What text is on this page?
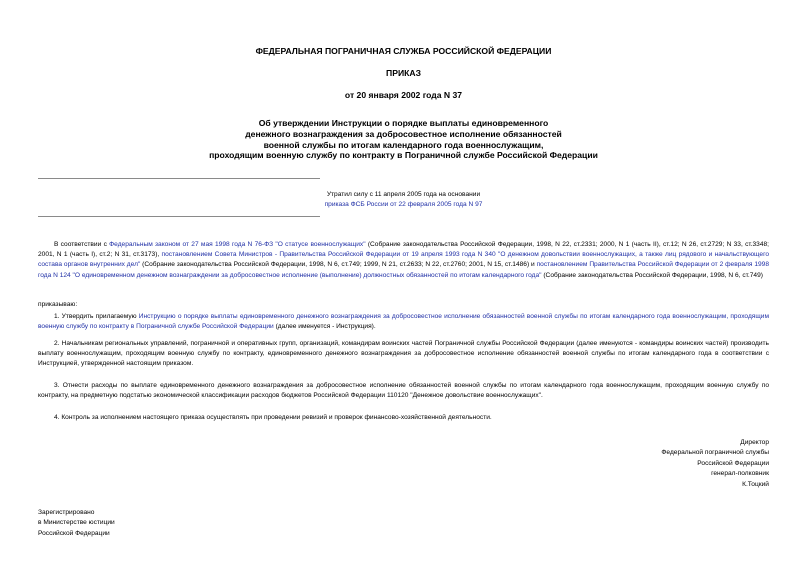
ФЕДЕРАЛЬНАЯ ПОГРАНИЧНАЯ СЛУЖБА РОССИЙСКОЙ ФЕДЕРАЦИИ
ПРИКАЗ
от 20 января 2002 года N 37
Об утверждении Инструкции о порядке выплаты единовременного
денежного вознаграждения за добросовестное исполнение обязанностей
военной службы по итогам календарного года военнослужащим,
проходящим военную службу по контракту в Пограничной службе Российской Федерации
Утратил силу с 11 апреля 2005 года на основании
приказа ФСБ России от 22 февраля 2005 года N 97
В соответствии с Федеральным законом от 27 мая 1998 года N 76-ФЗ "О статусе военнослужащих" (Собрание законодательства Российской Федерации, 1998, N 22, ст.2331; 2000, N 1 (часть II), ст.12; N 26, ст.2729; N 33, ст.3348; 2001, N 1 (часть I), ст.2; N 31, ст.3173), постановлением Совета Министров - Правительства Российской Федерации от 19 апреля 1993 года N 340 "О денежном довольствии военнослужащих, а также лиц рядового и начальствующего состава органов внутренних дел" (Собрание законодательства Российской Федерации, 1998, N 6, ст.749; 1999, N 21, ст.2633; N 22, ст.2760; 2001, N 15, ст.1486) и постановлением Правительства Российской Федерации от 2 февраля 1998 года N 124 "О единовременном денежном вознаграждении за добросовестное исполнение (выполнение) должностных обязанностей по итогам календарного года" (Собрание законодательства Российской Федерации, 1998, N 6, ст.749)
приказываю:
1. Утвердить прилагаемую Инструкцию о порядке выплаты единовременного денежного вознаграждения за добросовестное исполнение обязанностей военной службы по итогам календарного года военнослужащим, проходящим военную службу по контракту в Пограничной службе Российской Федерации (далее именуется - Инструкция).
2. Начальникам региональных управлений, пограничной и оперативных групп, организаций, командирам воинских частей Пограничной службы Российской Федерации (далее именуются - командиры воинских частей) производить выплату военнослужащим, проходящим военную службу по контракту, единовременного денежного вознаграждения за добросовестное исполнение обязанностей военной службы по итогам календарного года в соответствии с Инструкцией, утвержденной настоящим приказом.
3. Отнести расходы по выплате единовременного денежного вознаграждения за добросовестное исполнение обязанностей военной службы по итогам календарного года военнослужащим, проходящим военную службу по контракту, на предметную подстатью экономической классификации расходов бюджетов Российской Федерации 110120 "Денежное довольствие военнослужащих".
4. Контроль за исполнением настоящего приказа осуществлять при проведении ревизий и проверок финансово-хозяйственной деятельности.
Директор
Федеральной пограничной службы
Российской Федерации
генерал-полковник
К.Тоцкий
Зарегистрировано
в Министерстве юстиции
Российской Федерации
